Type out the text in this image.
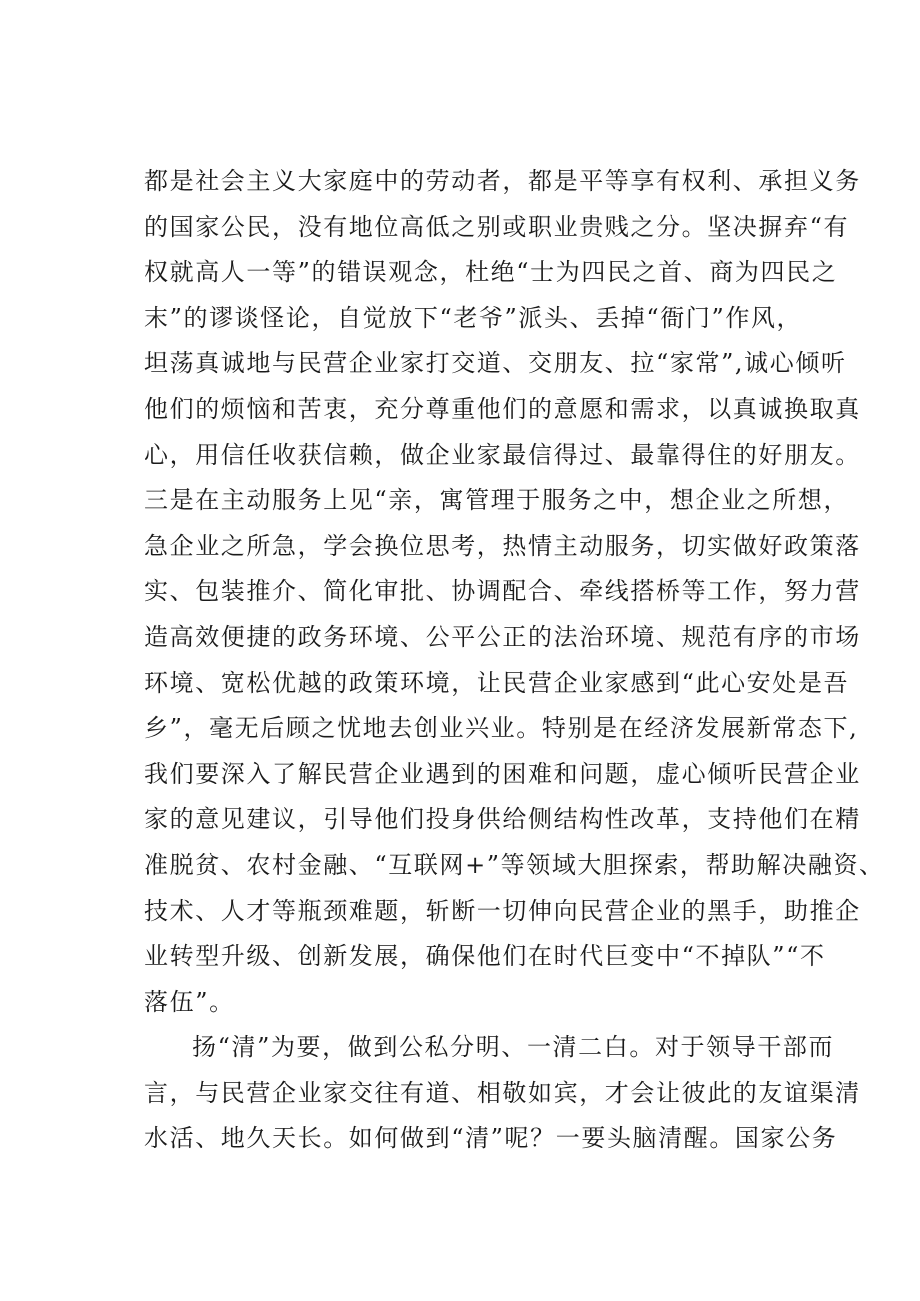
都是社会主义大家庭中的劳动者，都是平等享有权利、承担义务
的国家公民，没有地位高低之别或职业贵贱之分。坚决摒弃“有
权就高人一等”的错误观念，杜绝“士为四民之首、商为四民之
末”的谬谈怪论，自觉放下“老爷”派头、丢掉“衙门”作风，
坦荡真诚地与民营企业家打交道、交朋友、拉“家常”,诚心倾听
他们的烦恼和苦衷，充分尊重他们的意愿和需求，以真诚换取真
心，用信任收获信赖，做企业家最信得过、最靠得住的好朋友。
三是在主动服务上见“亲，寓管理于服务之中，想企业之所想，
急企业之所急，学会换位思考，热情主动服务，切实做好政策落
实、包装推介、简化审批、协调配合、牵线搭桥等工作，努力营
造高效便捷的政务环境、公平公正的法治环境、规范有序的市场
环境、宽松优越的政策环境，让民营企业家感到“此心安处是吾
乡”，毫无后顾之忧地去创业兴业。特别是在经济发展新常态下,
我们要深入了解民营企业遇到的困难和问题，虚心倾听民营企业
家的意见建议，引导他们投身供给侧结构性改革，支持他们在精
准脱贫、农村金融、“互联网+”等领域大胆探索，帮助解决融资、
技术、人才等瓶颈难题，斩断一切伸向民营企业的黑手，助推企
业转型升级、创新发展，确保他们在时代巨变中“不掉队”“不
落伍”。
扬“清”为要，做到公私分明、一清二白。对于领导干部而
言，与民营企业家交往有道、相敬如宾，才会让彼此的友谊渠清
水活、地久天长。如何做到“清”呢？一要头脑清醒。国家公务
